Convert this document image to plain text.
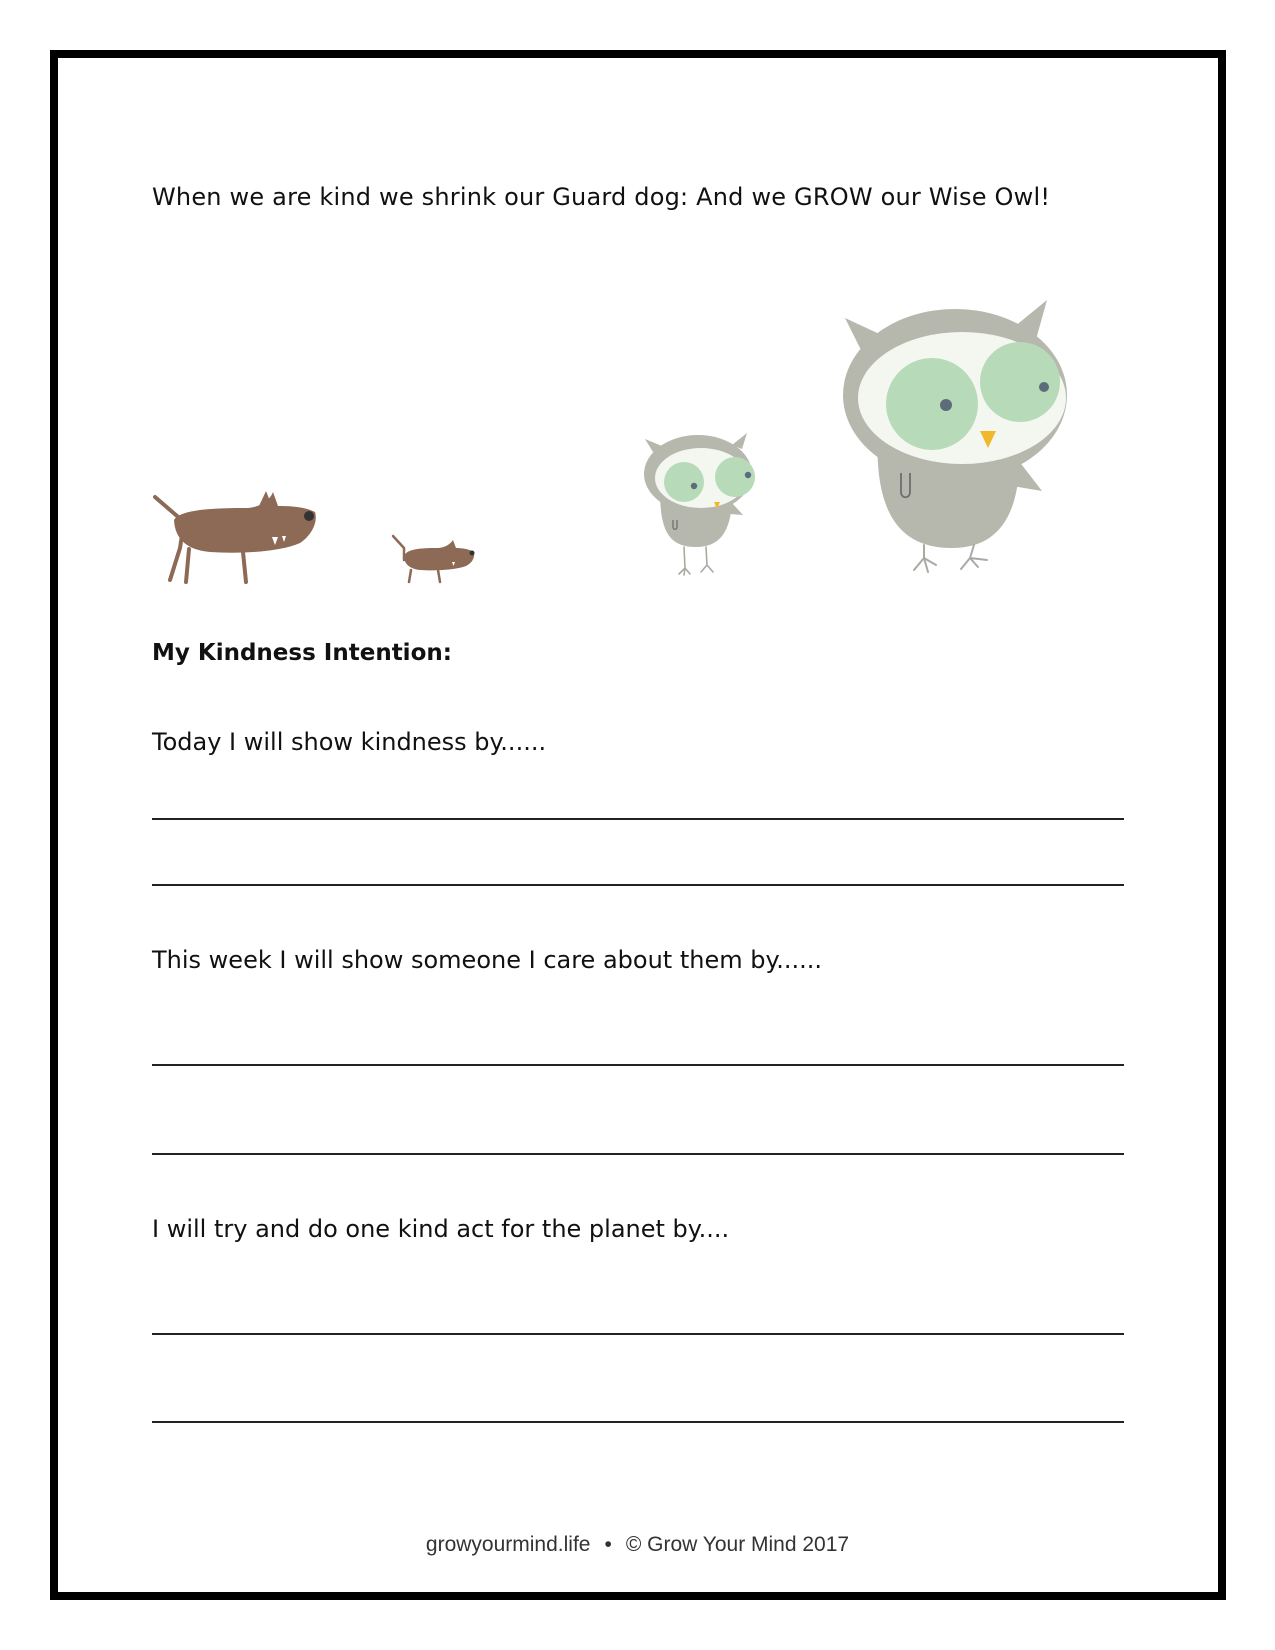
When we are kind we shrink our Guard dog: And we GROW our Wise Owl!
My Kindness Intention:
Today I will show kindness by......
This week I will show someone I care about them by......
I will try and do one kind act for the planet by....
growyourmind.life • © Grow Your Mind 2017
